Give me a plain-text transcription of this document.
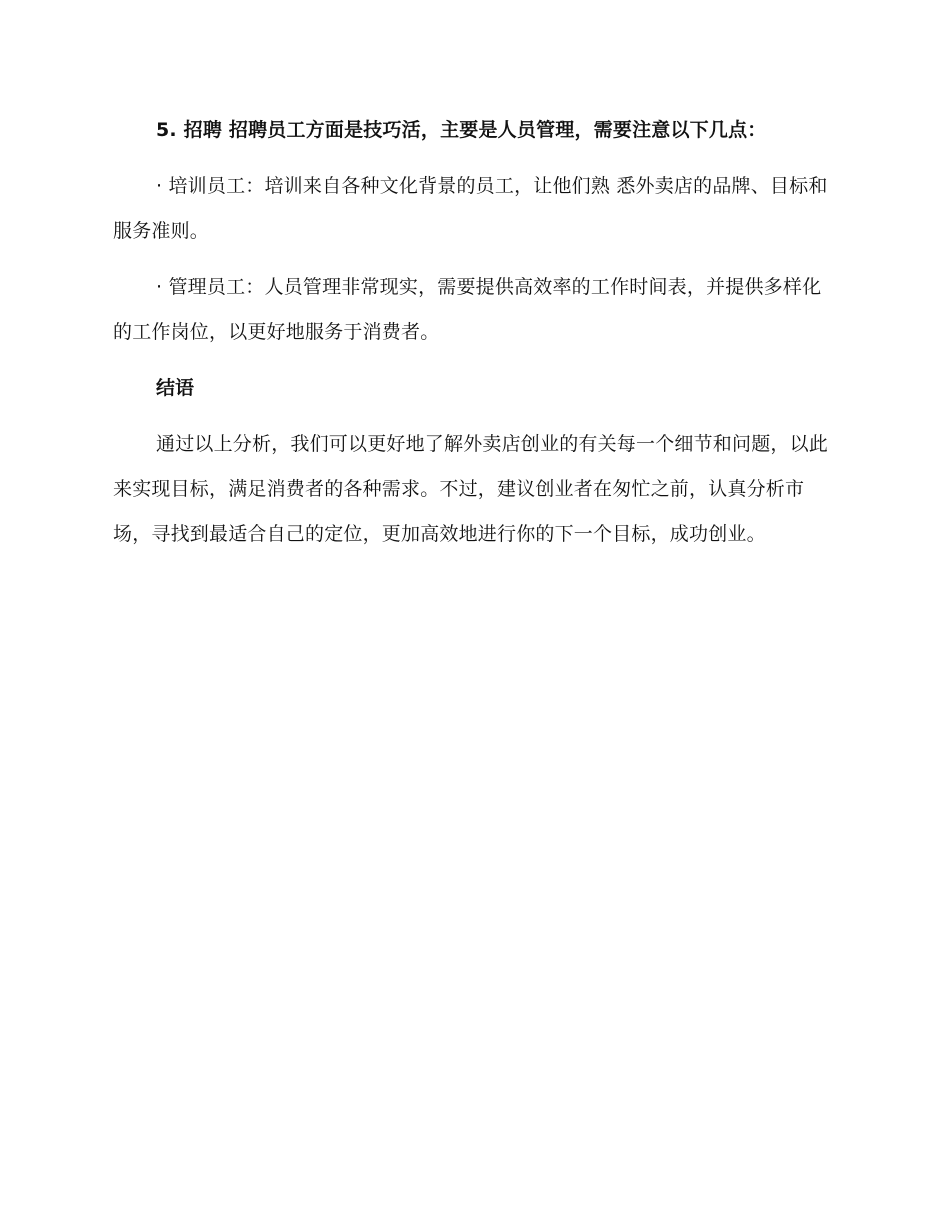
5. 招聘 招聘员工方面是技巧活，主要是人员管理，需要注意以下几点：

· 培训员工：培训来自各种文化背景的员工，让他们熟 悉外卖店的品牌、目标和服务准则。

· 管理员工：人员管理非常现实，需要提供高效率的工作时间表，并提供多样化的工作岗位，以更好地服务于消费者。

结语

通过以上分析，我们可以更好地了解外卖店创业的有关每一个细节和问题，以此来实现目标，满足消费者的各种需求。不过，建议创业者在匆忙之前，认真分析市场，寻找到最适合自己的定位，更加高效地进行你的下一个目标，成功创业。
